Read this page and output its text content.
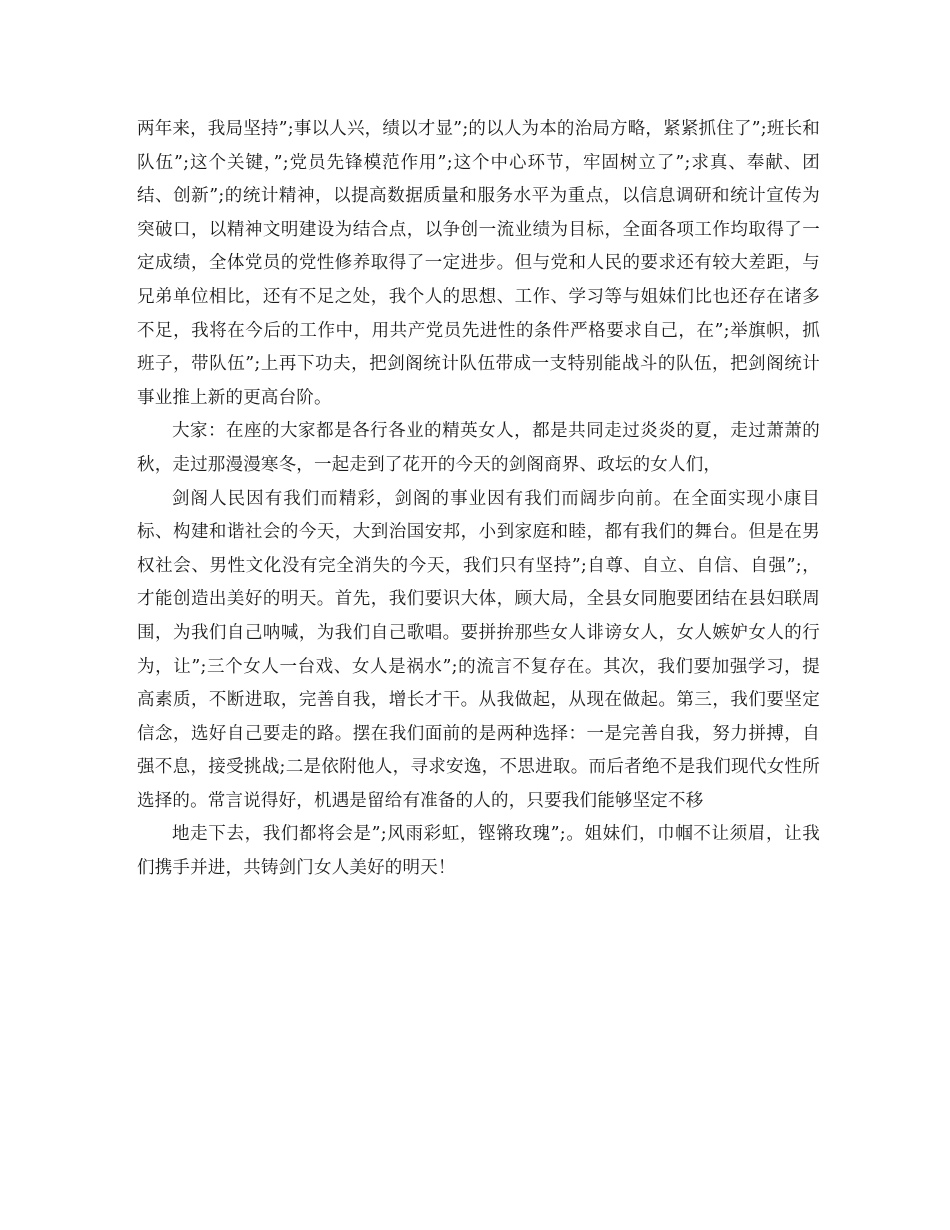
两年来，我局坚持”;事以人兴，绩以才显”;的以人为本的治局方略，紧紧抓住了”;班长和队伍”;这个关键，”;党员先锋模范作用”;这个中心环节，牢固树立了”;求真、奉献、团结、创新”;的统计精神，以提高数据质量和服务水平为重点，以信息调研和统计宣传为突破口，以精神文明建设为结合点，以争创一流业绩为目标，全面各项工作均取得了一定成绩，全体党员的党性修养取得了一定进步。但与党和人民的要求还有较大差距，与兄弟单位相比，还有不足之处，我个人的思想、工作、学习等与姐妹们比也还存在诸多不足，我将在今后的工作中，用共产党员先进性的条件严格要求自己，在”;举旗帜，抓班子，带队伍”;上再下功夫，把剑阁统计队伍带成一支特别能战斗的队伍，把剑阁统计事业推上新的更高台阶。

大家：在座的大家都是各行各业的精英女人，都是共同走过炎炎的夏，走过萧萧的秋，走过那漫漫寒冬，一起走到了花开的今天的剑阁商界、政坛的女人们，

剑阁人民因有我们而精彩，剑阁的事业因有我们而阔步向前。在全面实现小康目标、构建和谐社会的今天，大到治国安邦，小到家庭和睦，都有我们的舞台。但是在男权社会、男性文化没有完全消失的今天，我们只有坚持”;自尊、自立、自信、自强”;，才能创造出美好的明天。首先，我们要识大体，顾大局，全县女同胞要团结在县妇联周围，为我们自己呐喊，为我们自己歌唱。要拼拚那些女人诽谤女人，女人嫉妒女人的行为，让”;三个女人一台戏、女人是祸水”;的流言不复存在。其次，我们要加强学习，提高素质，不断进取，完善自我，增长才干。从我做起，从现在做起。第三，我们要坚定信念，选好自己要走的路。摆在我们面前的是两种选择：一是完善自我，努力拼搏，自强不息，接受挑战;二是依附他人，寻求安逸，不思进取。而后者绝不是我们现代女性所选择的。常言说得好，机遇是留给有准备的人的，只要我们能够坚定不移

地走下去，我们都将会是”;风雨彩虹，铿锵玫瑰”;。姐妹们，巾帼不让须眉，让我们携手并进，共铸剑门女人美好的明天！
